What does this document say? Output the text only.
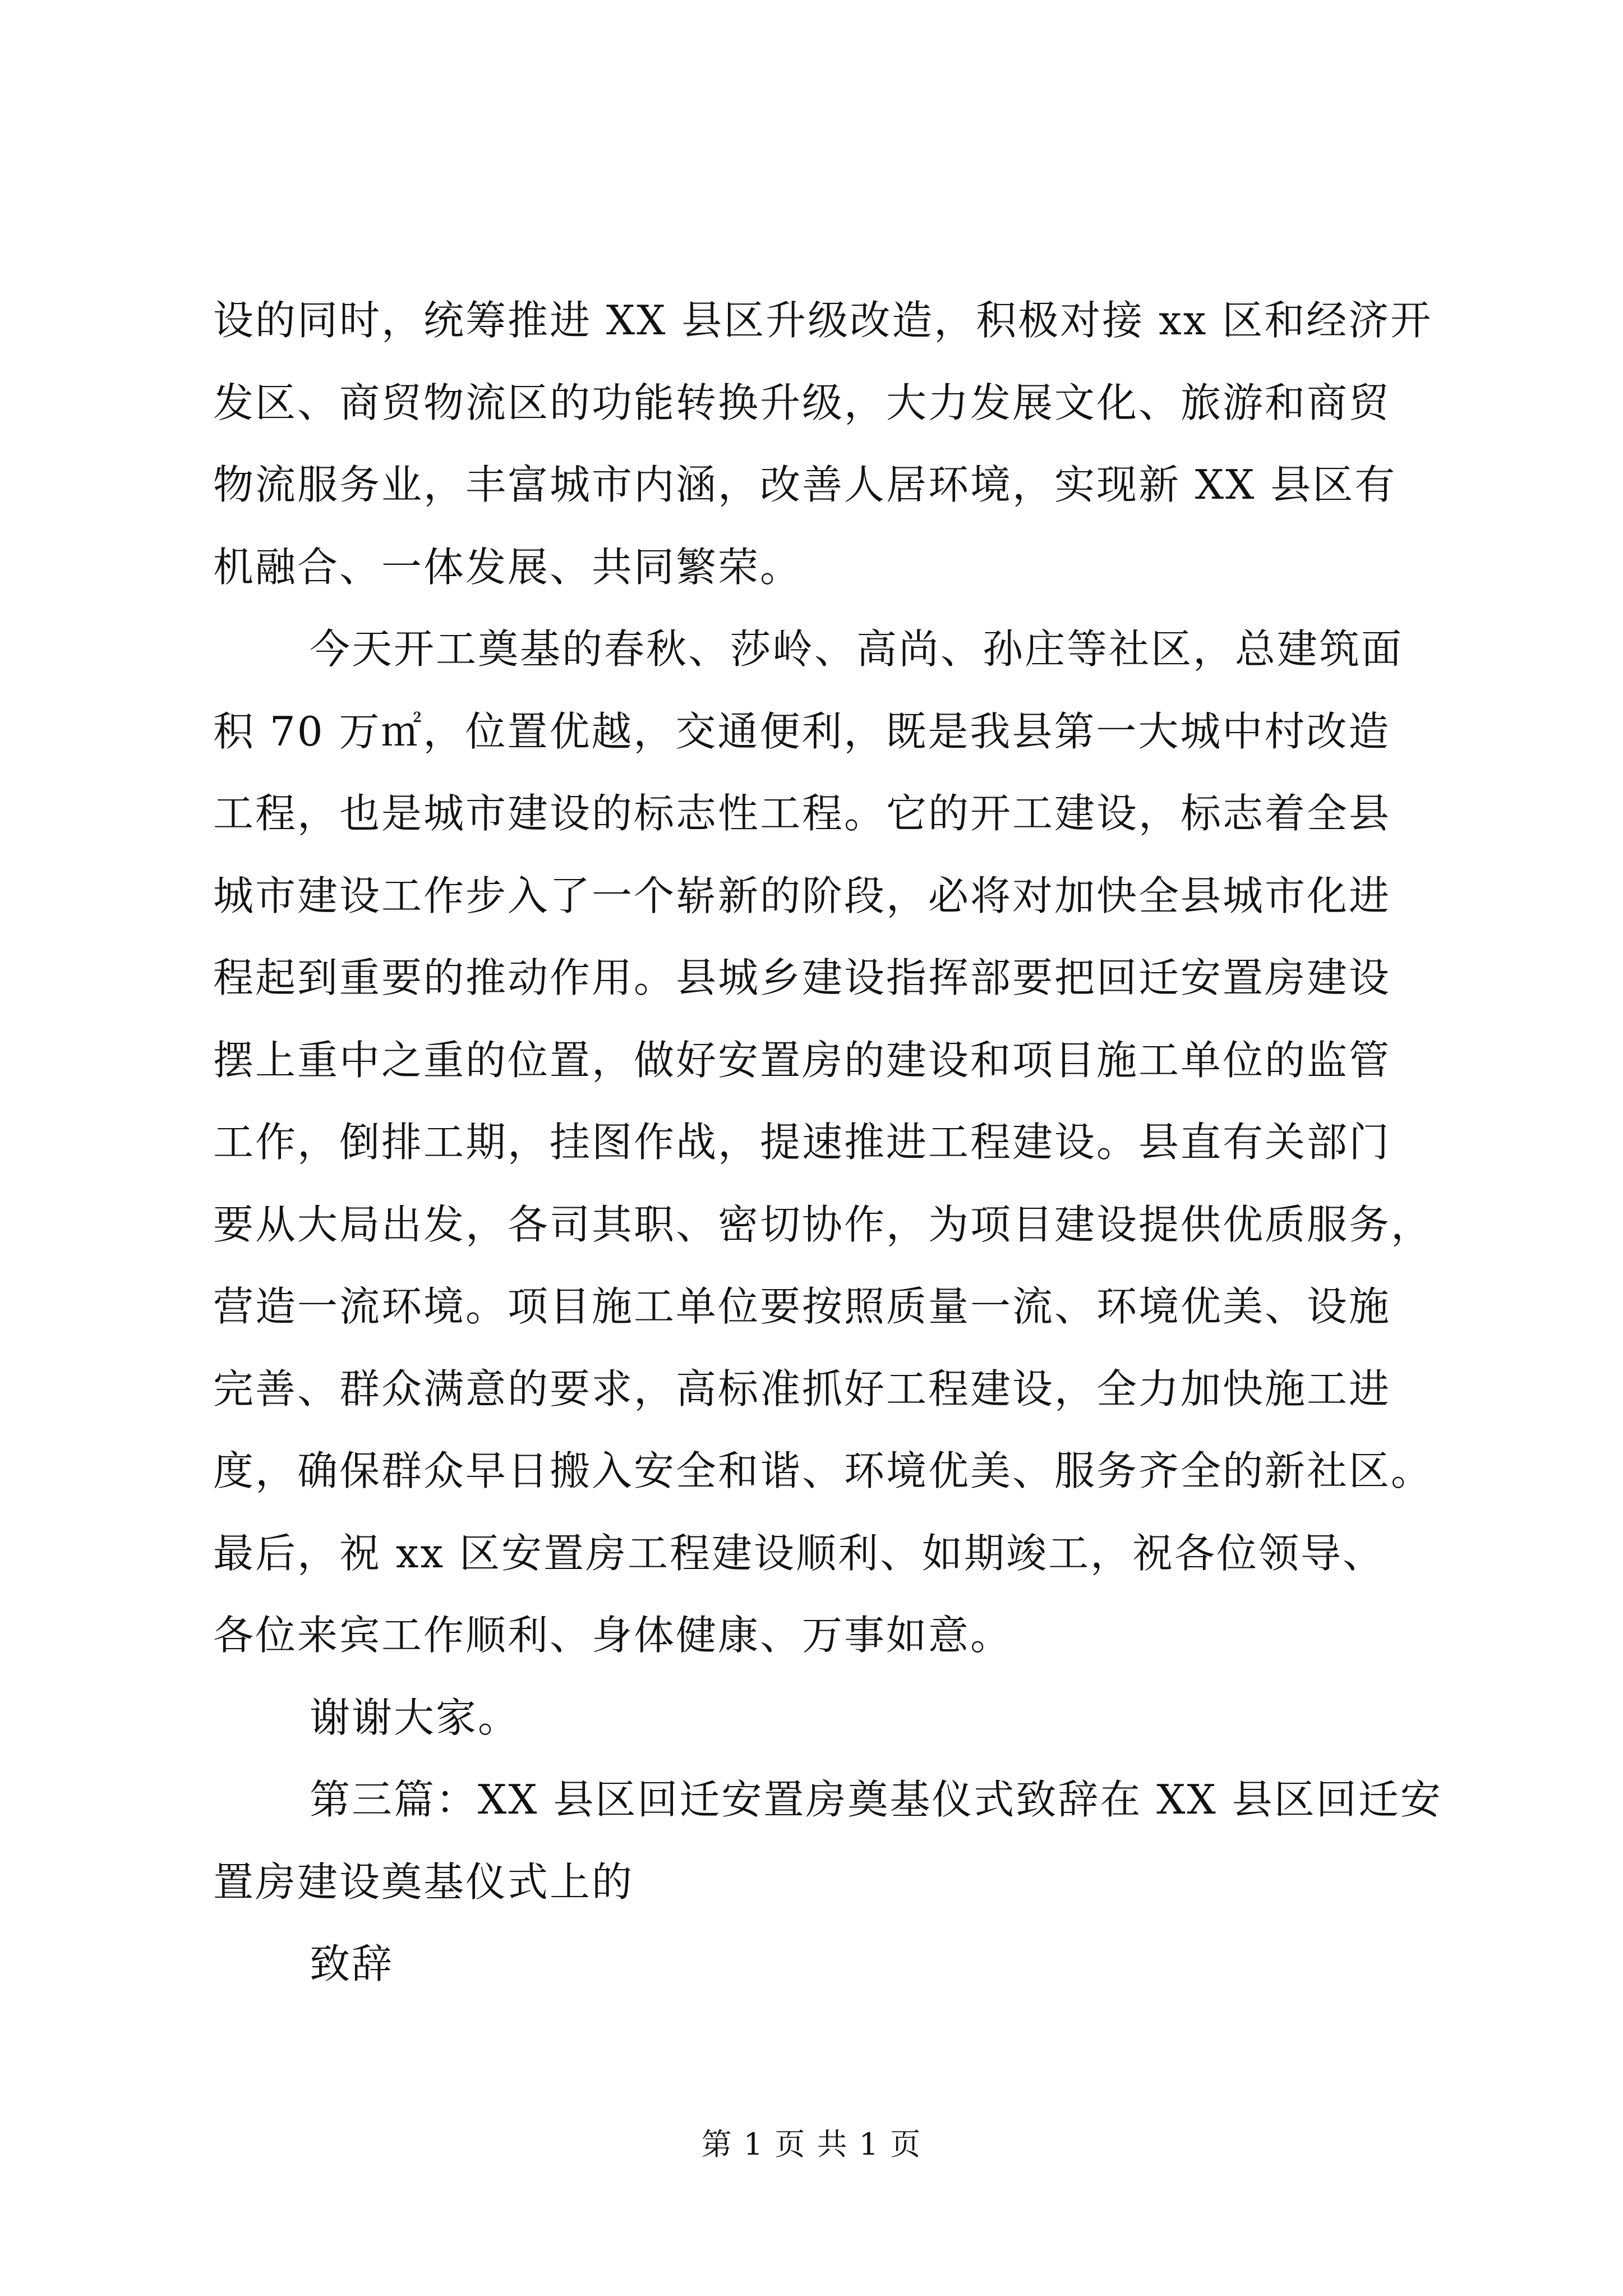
设的同时，统筹推进 XX 县区升级改造，积极对接 xx 区和经济开
发区、商贸物流区的功能转换升级，大力发展文化、旅游和商贸
物流服务业，丰富城市内涵，改善人居环境，实现新 XX 县区有
机融合、一体发展、共同繁荣。
今天开工奠基的春秋、莎岭、高尚、孙庄等社区，总建筑面
积 70 万㎡，位置优越，交通便利，既是我县第一大城中村改造
工程，也是城市建设的标志性工程。它的开工建设，标志着全县
城市建设工作步入了一个崭新的阶段，必将对加快全县城市化进
程起到重要的推动作用。县城乡建设指挥部要把回迁安置房建设
摆上重中之重的位置，做好安置房的建设和项目施工单位的监管
工作，倒排工期，挂图作战，提速推进工程建设。县直有关部门
要从大局出发，各司其职、密切协作，为项目建设提供优质服务，
营造一流环境。项目施工单位要按照质量一流、环境优美、设施
完善、群众满意的要求，高标准抓好工程建设，全力加快施工进
度，确保群众早日搬入安全和谐、环境优美、服务齐全的新社区。
最后，祝 xx 区安置房工程建设顺利、如期竣工，祝各位领导、
各位来宾工作顺利、身体健康、万事如意。
谢谢大家。
第三篇：XX 县区回迁安置房奠基仪式致辞在 XX 县区回迁安
置房建设奠基仪式上的
致辞
第 1 页 共 1 页
